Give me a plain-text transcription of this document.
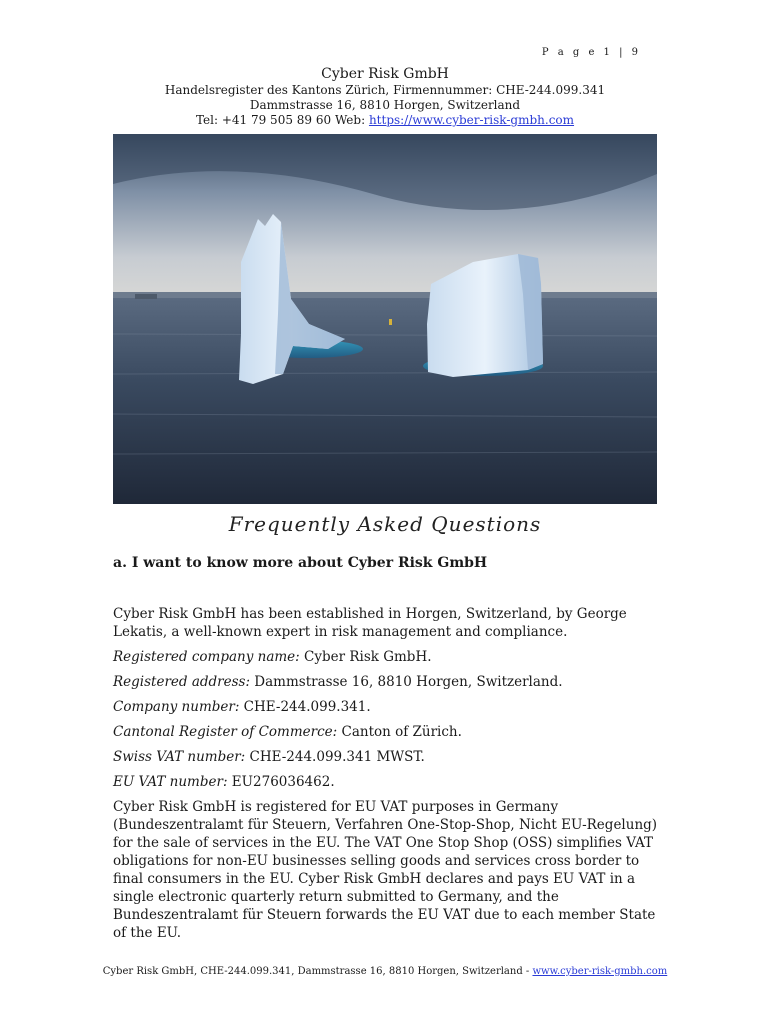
P a g e 1 | 9
Cyber Risk GmbH
Handelsregister des Kantons Zürich, Firmennummer: CHE-244.099.341
Dammstrasse 16, 8810 Horgen, Switzerland
Tel: +41 79 505 89 60 Web: https://www.cyber-risk-gmbh.com
Frequently Asked Questions
a. I want to know more about Cyber Risk GmbH

Cyber Risk GmbH has been established in Horgen, Switzerland, by George Lekatis, a well-known expert in risk management and compliance.

Registered company name: Cyber Risk GmbH.

Registered address: Dammstrasse 16, 8810 Horgen, Switzerland.

Company number: CHE-244.099.341.

Cantonal Register of Commerce: Canton of Zürich.

Swiss VAT number: CHE-244.099.341 MWST.

EU VAT number: EU276036462.

Cyber Risk GmbH is registered for EU VAT purposes in Germany (Bundeszentralamt für Steuern, Verfahren One-Stop-Shop, Nicht EU-Regelung) for the sale of services in the EU. The VAT One Stop Shop (OSS) simplifies VAT obligations for non-EU businesses selling goods and services cross border to final consumers in the EU. Cyber Risk GmbH declares and pays EU VAT in a single electronic quarterly return submitted to Germany, and the Bundeszentralamt für Steuern forwards the EU VAT due to each member State of the EU.

Cyber Risk GmbH, CHE-244.099.341, Dammstrasse 16, 8810 Horgen, Switzerland - www.cyber-risk-gmbh.com
